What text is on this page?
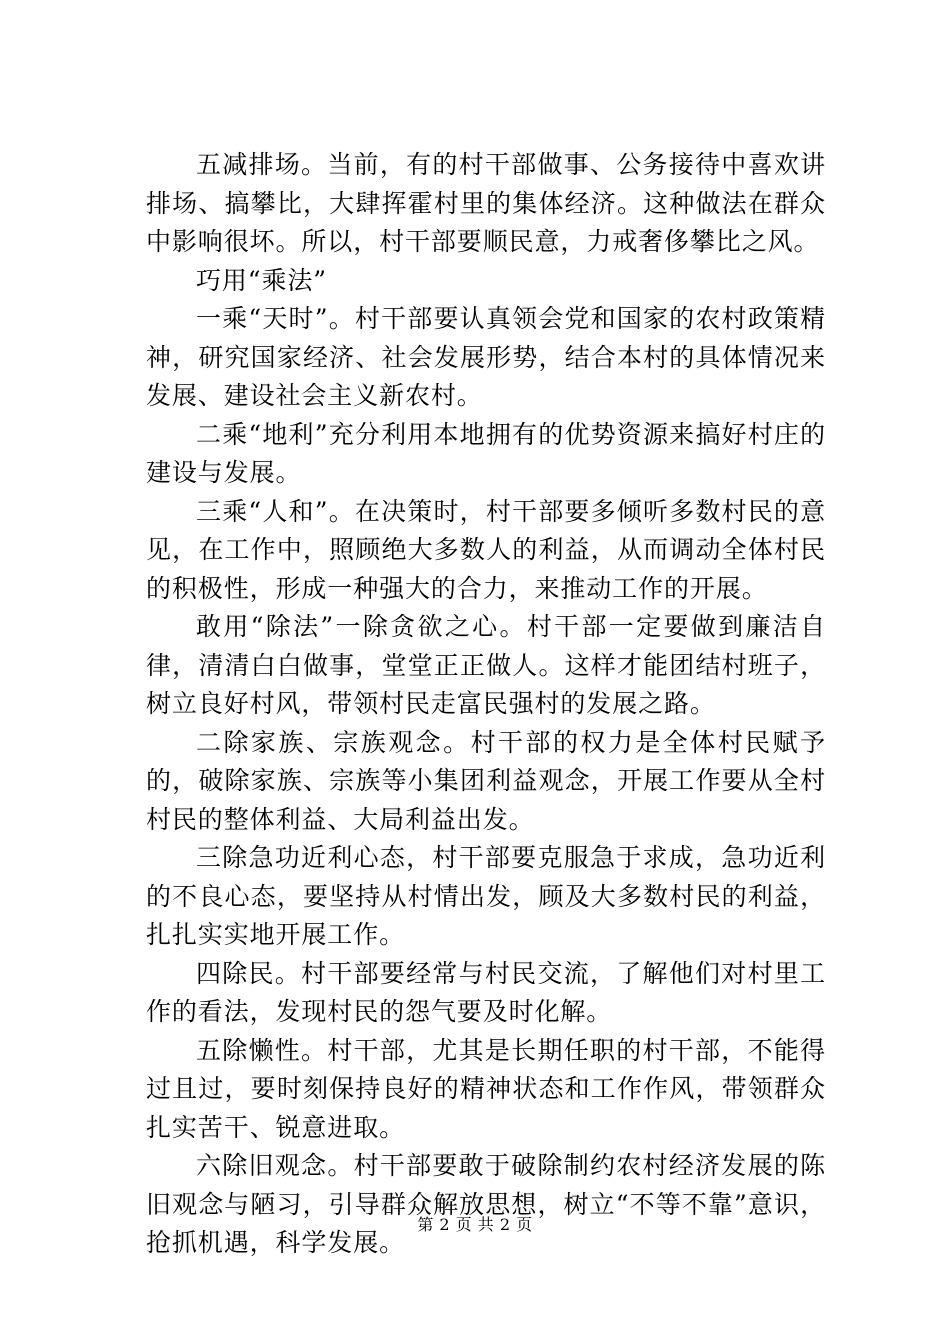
五减排场。当前，有的村干部做事、公务接待中喜欢讲排场、搞攀比，大肆挥霍村里的集体经济。这种做法在群众中影响很坏。所以，村干部要顺民意，力戒奢侈攀比之风。

巧用“乘法”

一乘“天时”。村干部要认真领会党和国家的农村政策精神，研究国家经济、社会发展形势，结合本村的具体情况来发展、建设社会主义新农村。

二乘“地利”充分利用本地拥有的优势资源来搞好村庄的建设与发展。

三乘“人和”。在决策时，村干部要多倾听多数村民的意见，在工作中，照顾绝大多数人的利益，从而调动全体村民的积极性，形成一种强大的合力，来推动工作的开展。

敢用“除法”一除贪欲之心。村干部一定要做到廉洁自律，清清白白做事，堂堂正正做人。这样才能团结村班子，树立良好村风，带领村民走富民强村的发展之路。

二除家族、宗族观念。村干部的权力是全体村民赋予的，破除家族、宗族等小集团利益观念，开展工作要从全村村民的整体利益、大局利益出发。

三除急功近利心态，村干部要克服急于求成，急功近利的不良心态，要坚持从村情出发，顾及大多数村民的利益，扎扎实实地开展工作。

四除民。村干部要经常与村民交流，了解他们对村里工作的看法，发现村民的怨气要及时化解。

五除懒性。村干部，尤其是长期任职的村干部，不能得过且过，要时刻保持良好的精神状态和工作作风，带领群众扎实苦干、锐意进取。

六除旧观念。村干部要敢于破除制约农村经济发展的陈旧观念与陋习，引导群众解放思想，树立“不等不靠”意识，抢抓机遇，科学发展。

第 2 页 共 2 页
